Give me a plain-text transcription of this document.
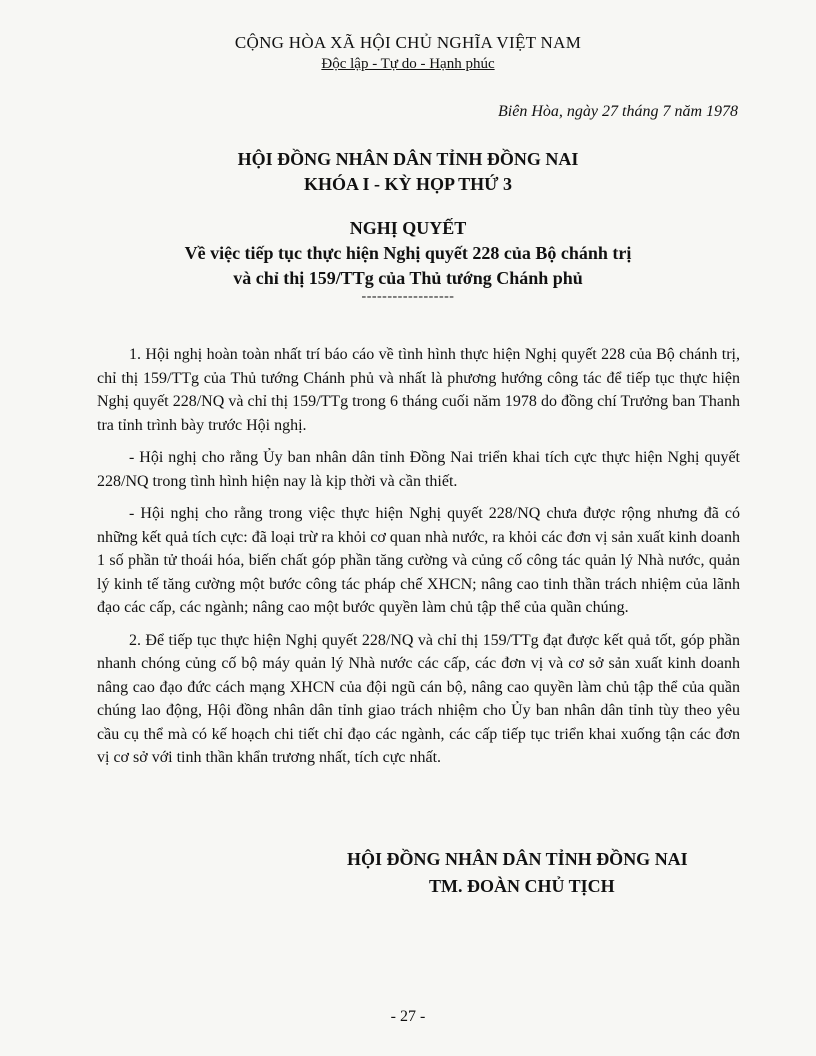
CỘNG HÒA XÃ HỘI CHỦ NGHĨA VIỆT NAM
Độc lập - Tự do - Hạnh phúc
Biên Hòa, ngày 27 tháng 7 năm 1978
HỘI ĐỒNG NHÂN DÂN TỈNH ĐỒNG NAI
KHÓA I - KỲ HỌP THỨ 3
NGHỊ QUYẾT
Về việc tiếp tục thực hiện Nghị quyết 228 của Bộ chánh trị
và chỉ thị 159/TTg của Thủ tướng Chánh phủ
------------------

1. Hội nghị hoàn toàn nhất trí báo cáo về tình hình thực hiện Nghị quyết 228 của Bộ chánh trị, chỉ thị 159/TTg của Thủ tướng Chánh phủ và nhất là phương hướng công tác để tiếp tục thực hiện Nghị quyết 228/NQ và chỉ thị 159/TTg trong 6 tháng cuối năm 1978 do đồng chí Trưởng ban Thanh tra tỉnh trình bày trước Hội nghị.

- Hội nghị cho rằng Ủy ban nhân dân tỉnh Đồng Nai triển khai tích cực thực hiện Nghị quyết 228/NQ trong tình hình hiện nay là kịp thời và cần thiết.

- Hội nghị cho rằng trong việc thực hiện Nghị quyết 228/NQ chưa được rộng nhưng đã có những kết quả tích cực: đã loại trừ ra khỏi cơ quan nhà nước, ra khỏi các đơn vị sản xuất kinh doanh 1 số phần tử thoái hóa, biến chất góp phần tăng cường và củng cố công tác quản lý Nhà nước, quản lý kinh tế tăng cường một bước công tác pháp chế XHCN; nâng cao tinh thần trách nhiệm của lãnh đạo các cấp, các ngành; nâng cao một bước quyền làm chủ tập thể của quần chúng.

2. Để tiếp tục thực hiện Nghị quyết 228/NQ và chỉ thị 159/TTg đạt được kết quả tốt, góp phần nhanh chóng củng cố bộ máy quản lý Nhà nước các cấp, các đơn vị và cơ sở sản xuất kinh doanh nâng cao đạo đức cách mạng XHCN của đội ngũ cán bộ, nâng cao quyền làm chủ tập thể của quần chúng lao động, Hội đồng nhân dân tỉnh giao trách nhiệm cho Ủy ban nhân dân tỉnh tùy theo yêu cầu cụ thể mà có kế hoạch chi tiết chỉ đạo các ngành, các cấp tiếp tục triển khai xuống tận các đơn vị cơ sở với tinh thần khẩn trương nhất, tích cực nhất.

HỘI ĐỒNG NHÂN DÂN TỈNH ĐỒNG NAI
TM. ĐOÀN CHỦ TỊCH
- 27 -
